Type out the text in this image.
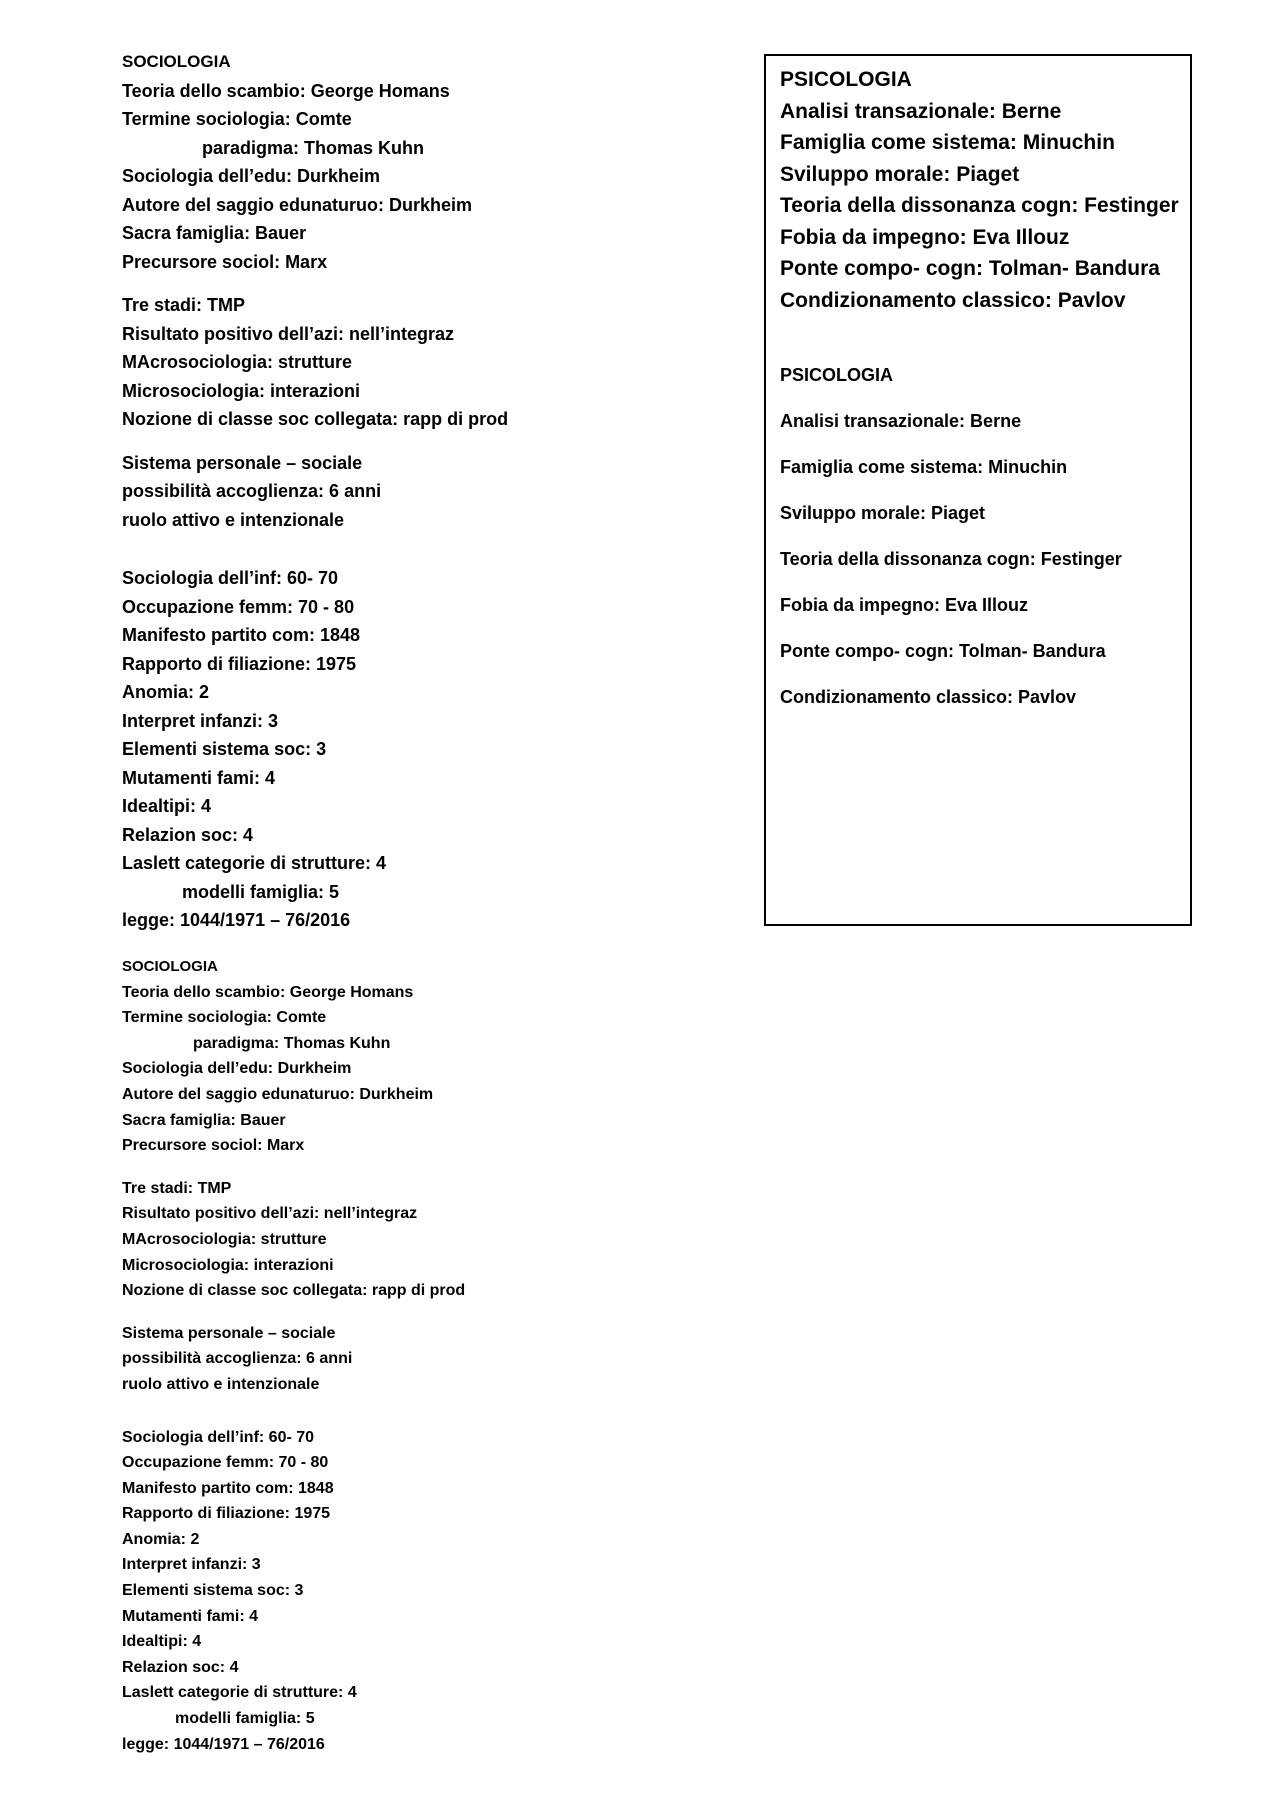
SOCIOLOGIA
Teoria dello scambio: George Homans
Termine sociologia: Comte
paradigma: Thomas Kuhn
Sociologia dell’edu: Durkheim
Autore del saggio edunaturuo: Durkheim
Sacra famiglia: Bauer
Precursore sociol: Marx
Tre stadi: TMP
Risultato positivo dell’azi: nell’integraz
MAcrosociologia: strutture
Microsociologia: interazioni
Nozione di classe soc collegata: rapp di prod
Sistema personale – sociale
possibilità accoglienza: 6 anni
ruolo attivo e intenzionale
Sociologia dell’inf: 60- 70
Occupazione femm: 70 - 80
Manifesto partito com: 1848
Rapporto di filiazione: 1975
Anomia: 2
Interpret infanzi: 3
Elementi sistema soc: 3
Mutamenti fami: 4
Idealtipi: 4
Relazion soc: 4
Laslett categorie di strutture: 4
modelli famiglia: 5
legge: 1044/1971 – 76/2016
SOCIOLOGIA
Teoria dello scambio: George Homans
Termine sociologia: Comte
paradigma: Thomas Kuhn
Sociologia dell’edu: Durkheim
Autore del saggio edunaturuo: Durkheim
Sacra famiglia: Bauer
Precursore sociol: Marx
Tre stadi: TMP
Risultato positivo dell’azi: nell’integraz
MAcrosociologia: strutture
Microsociologia: interazioni
Nozione di classe soc collegata: rapp di prod
Sistema personale – sociale
possibilità accoglienza: 6 anni
ruolo attivo e intenzionale
Sociologia dell’inf: 60- 70
Occupazione femm: 70 - 80
Manifesto partito com: 1848
Rapporto di filiazione: 1975
Anomia: 2
Interpret infanzi: 3
Elementi sistema soc: 3
Mutamenti fami: 4
Idealtipi: 4
Relazion soc: 4
Laslett categorie di strutture: 4
modelli famiglia: 5
legge: 1044/1971 – 76/2016
PSICOLOGIA
Analisi transazionale: Berne
Famiglia come sistema: Minuchin
Sviluppo morale: Piaget
Teoria della dissonanza cogn: Festinger
Fobia da impegno: Eva Illouz
Ponte compo- cogn: Tolman- Bandura
Condizionamento classico: Pavlov
PSICOLOGIA
Analisi transazionale: Berne
Famiglia come sistema: Minuchin
Sviluppo morale: Piaget
Teoria della dissonanza cogn: Festinger
Fobia da impegno: Eva Illouz
Ponte compo- cogn: Tolman- Bandura
Condizionamento classico: Pavlov
